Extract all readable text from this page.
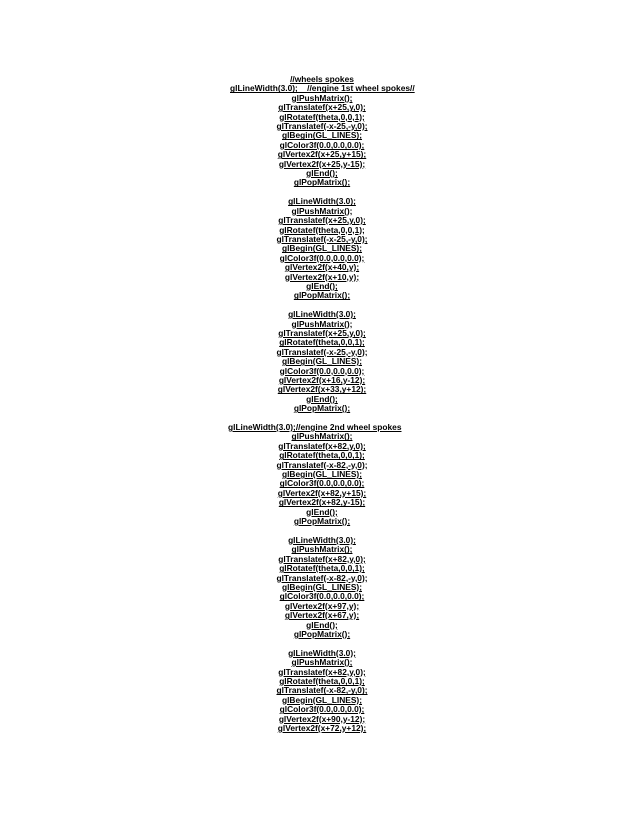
//wheels spokes
glLineWidth(3.0);    //engine 1st wheel spokes//
glPushMatrix();
glTranslatef(x+25,y,0);
glRotatef(theta,0,0,1);
glTranslatef(-x-25,-y,0);
glBegin(GL_LINES);
glColor3f(0.0,0.0,0.0);
glVertex2f(x+25,y+15);
glVertex2f(x+25,y-15);
glEnd();
glPopMatrix();
glLineWidth(3.0);
glPushMatrix();
glTranslatef(x+25,y,0);
glRotatef(theta,0,0,1);
glTranslatef(-x-25,-y,0);
glBegin(GL_LINES);
glColor3f(0.0,0.0,0.0);
glVertex2f(x+40,y);
glVertex2f(x+10,y);
glEnd();
glPopMatrix();
glLineWidth(3.0);
glPushMatrix();
glTranslatef(x+25,y,0);
glRotatef(theta,0,0,1);
glTranslatef(-x-25,-y,0);
glBegin(GL_LINES);
glColor3f(0.0,0.0,0.0);
glVertex2f(x+16,y-12);
glVertex2f(x+33,y+12);
glEnd();
glPopMatrix();
glLineWidth(3.0);//engine 2nd wheel spokes
glPushMatrix();
glTranslatef(x+82,y,0);
glRotatef(theta,0,0,1);
glTranslatef(-x-82,-y,0);
glBegin(GL_LINES);
glColor3f(0.0,0.0,0.0);
glVertex2f(x+82,y+15);
glVertex2f(x+82,y-15);
glEnd();
glPopMatrix();
glLineWidth(3.0);
glPushMatrix();
glTranslatef(x+82,y,0);
glRotatef(theta,0,0,1);
glTranslatef(-x-82,-y,0);
glBegin(GL_LINES);
glColor3f(0.0,0.0,0.0);
glVertex2f(x+97,y);
glVertex2f(x+67,y);
glEnd();
glPopMatrix();
glLineWidth(3.0);
glPushMatrix();
glTranslatef(x+82,y,0);
glRotatef(theta,0,0,1);
glTranslatef(-x-82,-y,0);
glBegin(GL_LINES);
glColor3f(0.0,0.0,0.0);
glVertex2f(x+90,y-12);
glVertex2f(x+72,y+12);
